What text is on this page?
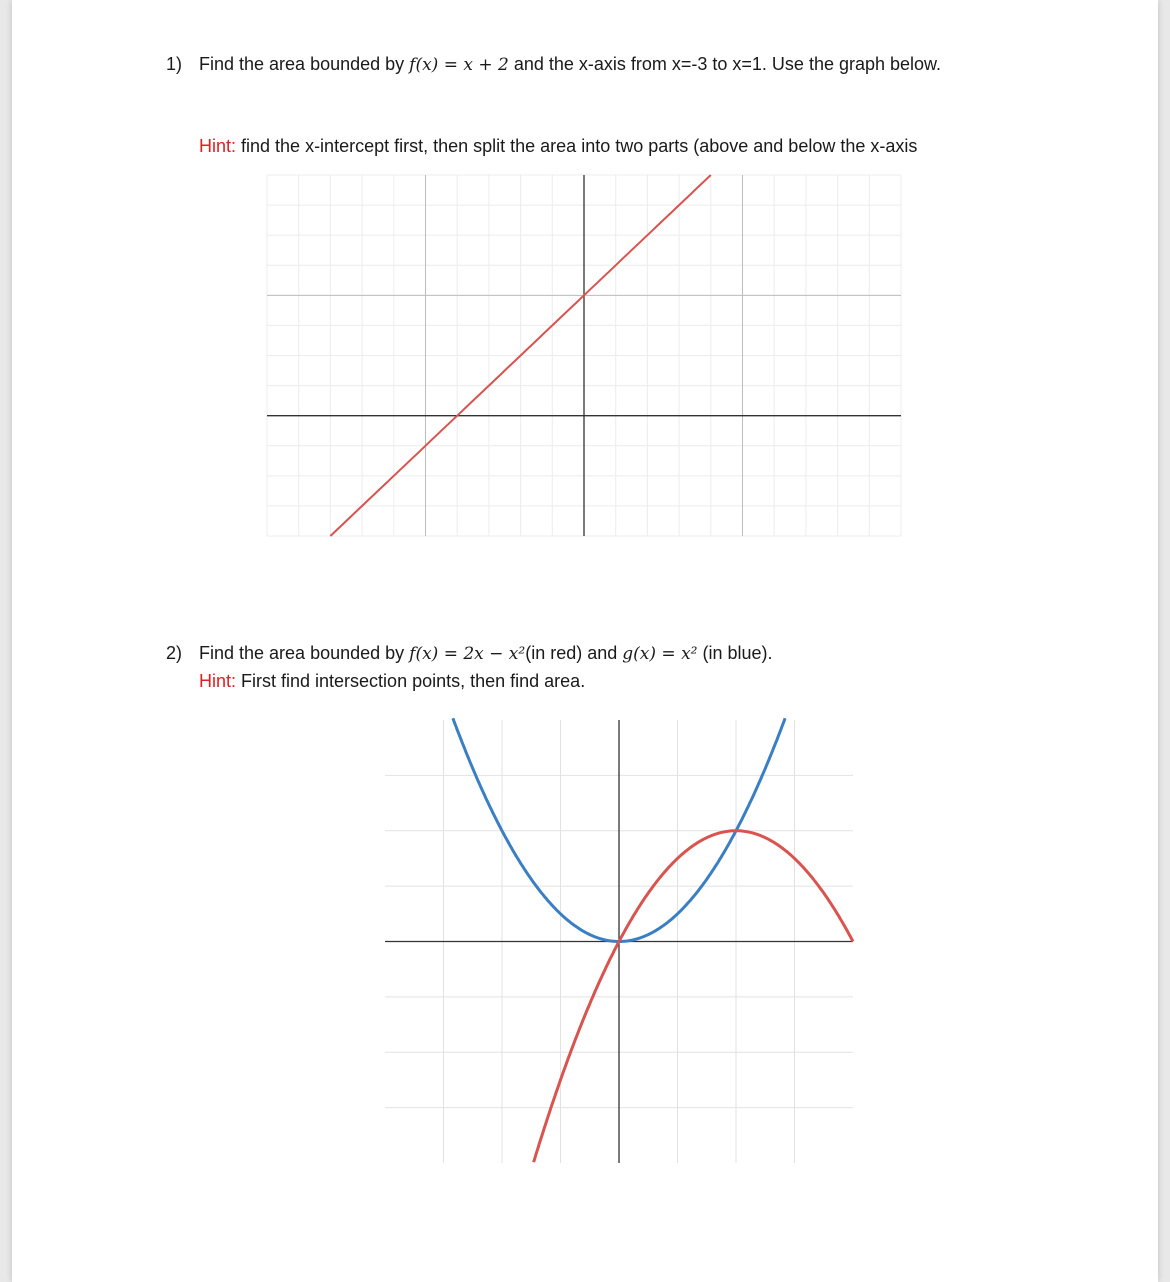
1) Find the area bounded by f(x) = x + 2 and the x-axis from x=-3 to x=1. Use the graph below.
Hint: find the x-intercept first, then split the area into two parts (above and below the x-axis
2) Find the area bounded by f(x) = 2x − x²(in red) and g(x) = x² (in blue).
Hint: First find intersection points, then find area.
